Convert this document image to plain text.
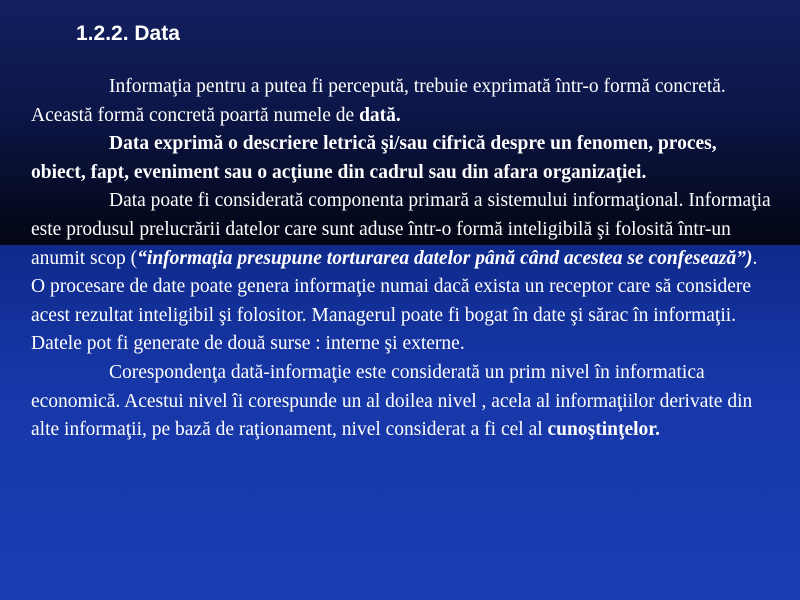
1.2.2. Data

Informaţia pentru a putea fi percepută, trebuie exprimată într-o formă concretă. Această formă concretă poartă numele de dată.

Data exprimă o descriere letrică şi/sau cifrică despre un fenomen, proces, obiect, fapt, eveniment sau o acţiune din cadrul sau din afara organizaţiei.

Data poate fi considerată componenta primară a sistemului informaţional. Informaţia este produsul prelucrării datelor care sunt aduse într-o formă inteligibilă şi folosită într-un anumit scop (“informaţia presupune torturarea datelor până când acestea se confesează”). O procesare de date poate genera informaţie numai dacă exista un receptor care să considere acest rezultat inteligibil şi folositor. Managerul poate fi bogat în date şi sărac în informaţii.

Datele pot fi generate de două surse : interne şi externe.

Corespondenţa dată-informaţie este considerată un prim nivel în informatica economică. Acestui nivel îi corespunde un al doilea nivel , acela al informaţiilor derivate din alte informaţii, pe bază de raţionament, nivel considerat a fi cel al cunoştinţelor.
